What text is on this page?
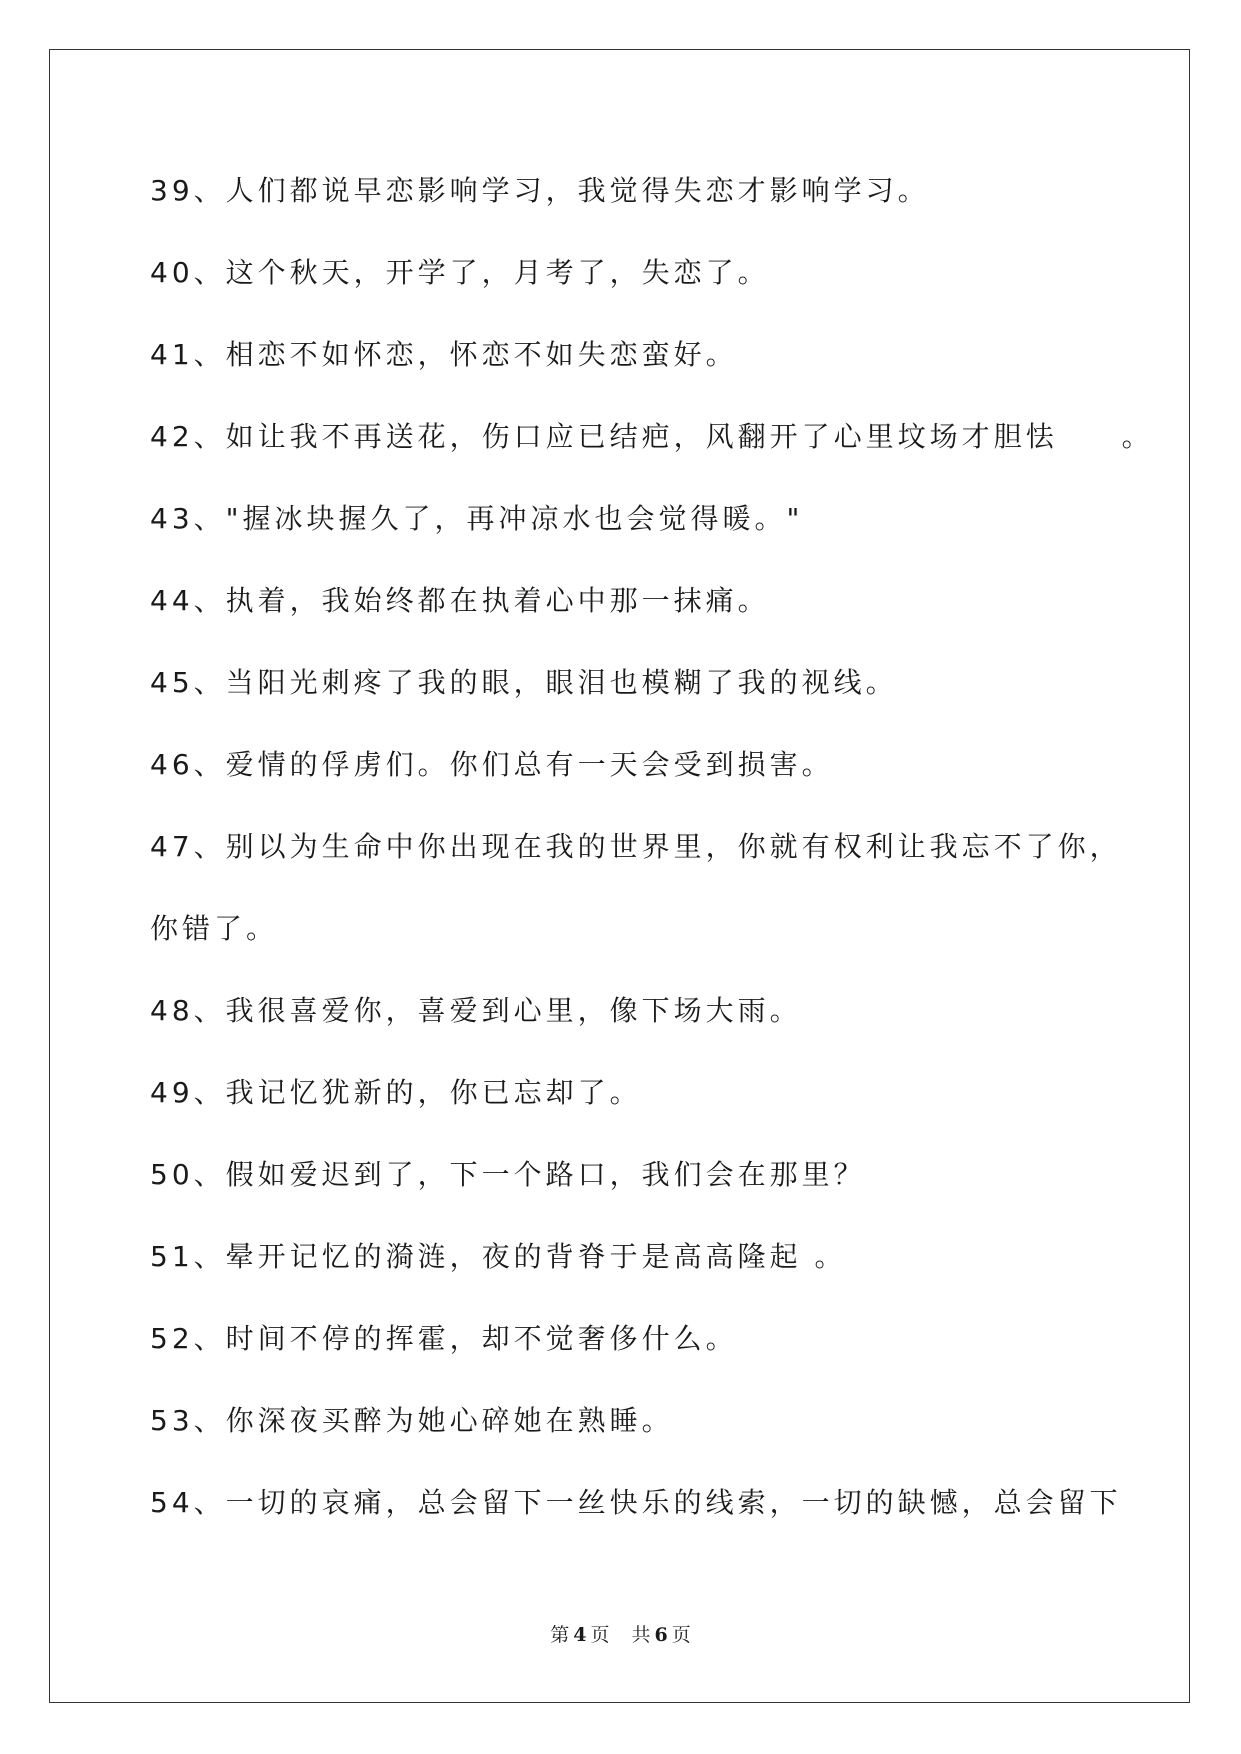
39、人们都说早恋影响学习，我觉得失恋才影响学习。
40、这个秋天，开学了，月考了，失恋了。
41、相恋不如怀恋，怀恋不如失恋蛮好。
42、如让我不再送花，伤口应已结疤，风翻开了心里坟场才胆怯　　。
43、"握冰块握久了，再冲凉水也会觉得暖。"
44、执着，我始终都在执着心中那一抹痛。
45、当阳光刺疼了我的眼，眼泪也模糊了我的视线。
46、爱情的俘虏们。你们总有一天会受到损害。
47、别以为生命中你出现在我的世界里，你就有权利让我忘不了你，
你错了。
48、我很喜爱你，喜爱到心里，像下场大雨。
49、我记忆犹新的，你已忘却了。
50、假如爱迟到了，下一个路口，我们会在那里？
51、晕开记忆的漪涟，夜的背脊于是高高隆起 。
52、时间不停的挥霍，却不觉奢侈什么。
53、你深夜买醉为她心碎她在熟睡。
54、一切的哀痛，总会留下一丝快乐的线索，一切的缺憾，总会留下
第 4 页 共 6 页
